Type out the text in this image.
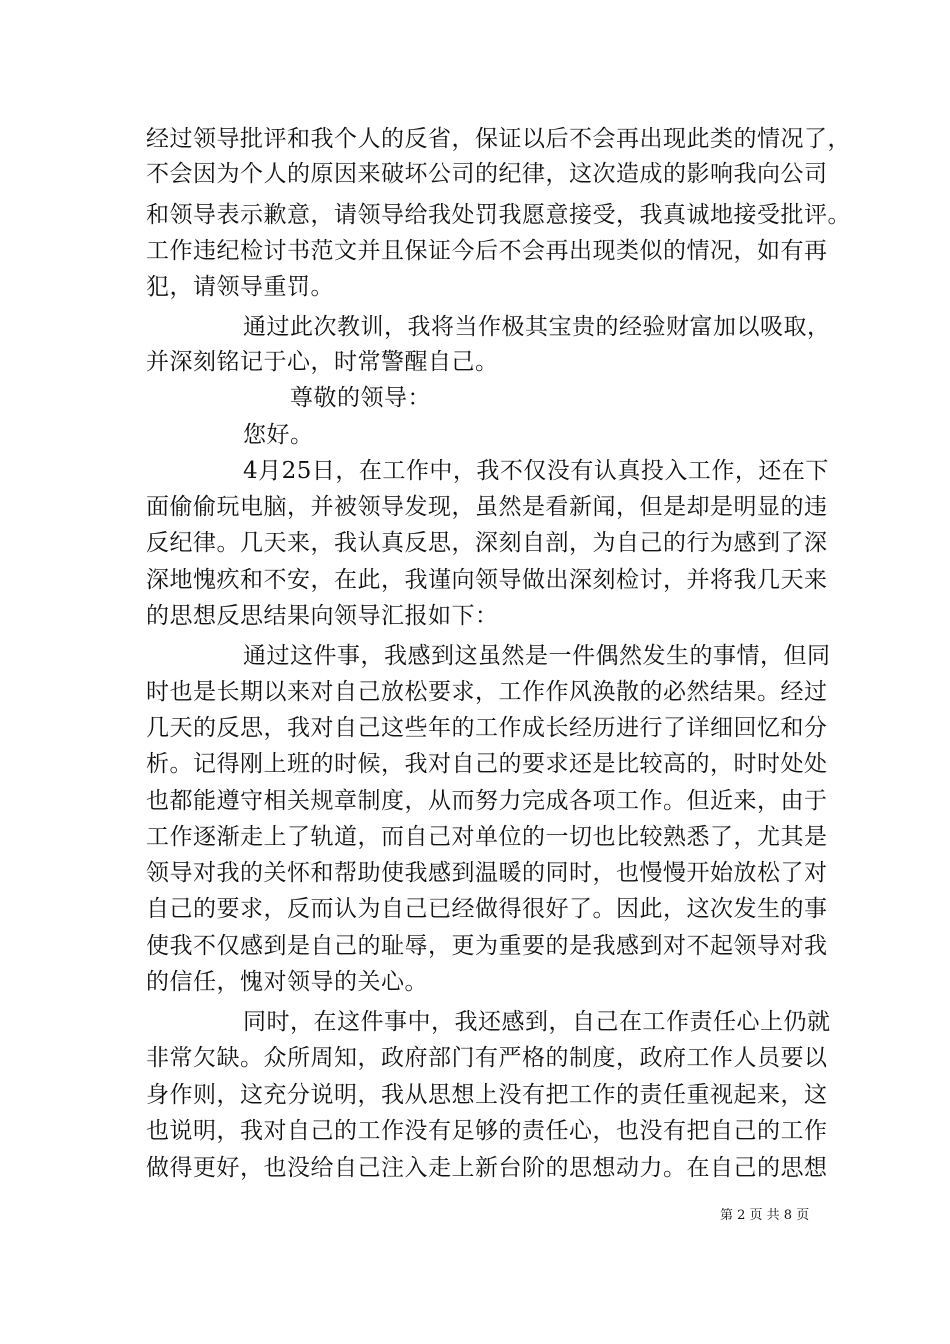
经过领导批评和我个人的反省，保证以后不会再出现此类的情况了，
不会因为个人的原因来破坏公司的纪律，这次造成的影响我向公司
和领导表示歉意，请领导给我处罚我愿意接受，我真诚地接受批评。
工作违纪检讨书范文并且保证今后不会再出现类似的情况，如有再
犯，请领导重罚。
通过此次教训，我将当作极其宝贵的经验财富加以吸取，
并深刻铭记于心，时常警醒自己。
尊敬的领导：
您好。
4月25日，在工作中，我不仅没有认真投入工作，还在下
面偷偷玩电脑，并被领导发现，虽然是看新闻，但是却是明显的违
反纪律。几天来，我认真反思，深刻自剖，为自己的行为感到了深
深地愧疚和不安，在此，我谨向领导做出深刻检讨，并将我几天来
的思想反思结果向领导汇报如下：
通过这件事，我感到这虽然是一件偶然发生的事情，但同
时也是长期以来对自己放松要求，工作作风涣散的必然结果。经过
几天的反思，我对自己这些年的工作成长经历进行了详细回忆和分
析。记得刚上班的时候，我对自己的要求还是比较高的，时时处处
也都能遵守相关规章制度，从而努力完成各项工作。但近来，由于
工作逐渐走上了轨道，而自己对单位的一切也比较熟悉了，尤其是
领导对我的关怀和帮助使我感到温暖的同时，也慢慢开始放松了对
自己的要求，反而认为自己已经做得很好了。因此，这次发生的事
使我不仅感到是自己的耻辱，更为重要的是我感到对不起领导对我
的信任，愧对领导的关心。
同时，在这件事中，我还感到，自己在工作责任心上仍就
非常欠缺。众所周知，政府部门有严格的制度，政府工作人员要以
身作则，这充分说明，我从思想上没有把工作的责任重视起来，这
也说明，我对自己的工作没有足够的责任心，也没有把自己的工作
做得更好，也没给自己注入走上新台阶的思想动力。在自己的思想
第 2 页 共 8 页
